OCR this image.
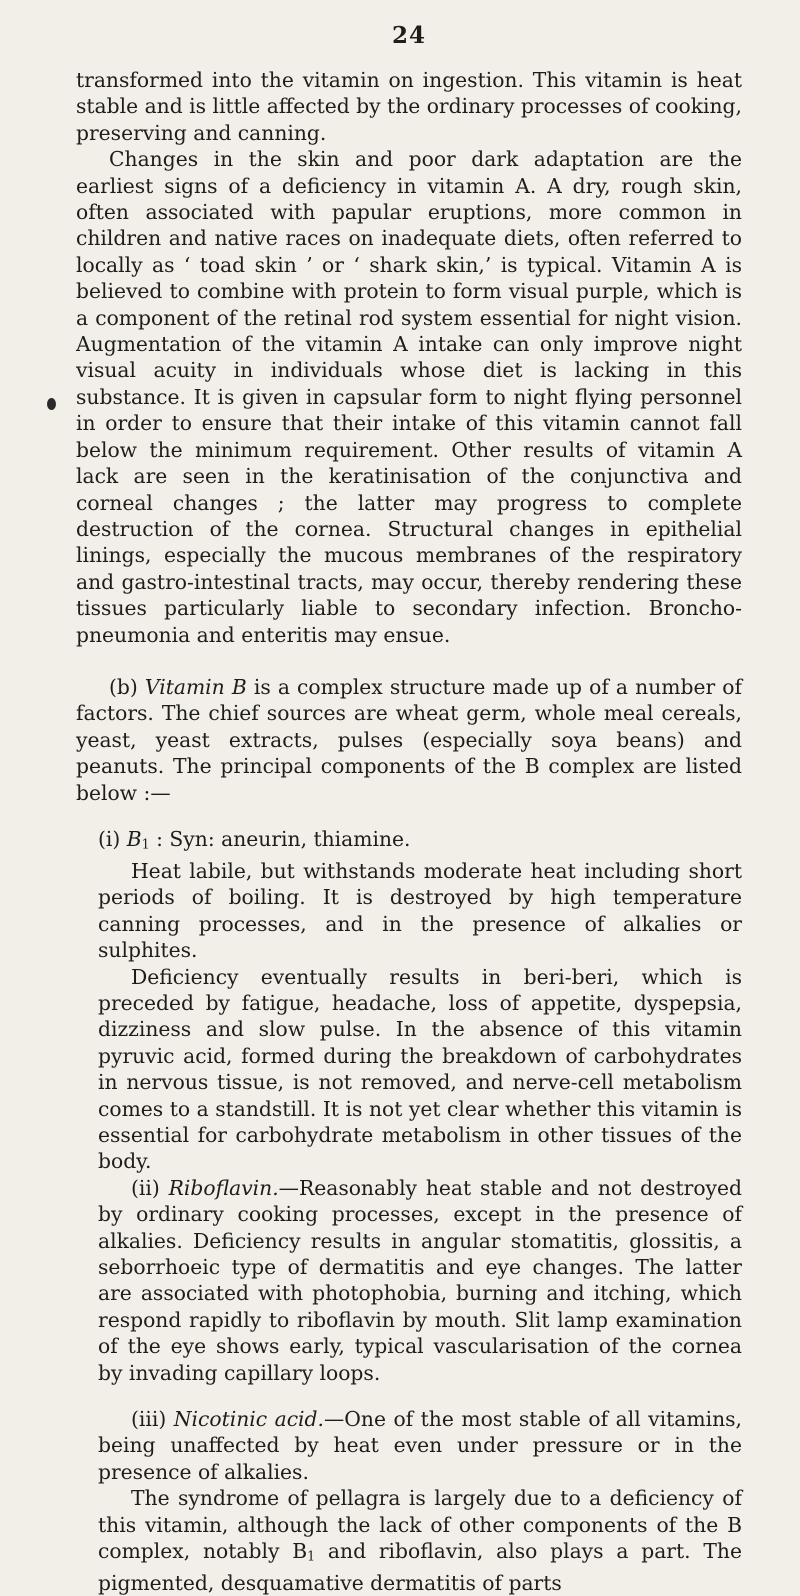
24

transformed into the vitamin on ingestion. This vitamin is heat stable and is little affected by the ordinary processes of cooking, preserving and canning.

Changes in the skin and poor dark adaptation are the earliest signs of a deficiency in vitamin A. A dry, rough skin, often associated with papular eruptions, more common in children and native races on inadequate diets, often referred to locally as ‘ toad skin ’ or ‘ shark skin,’ is typical. Vitamin A is believed to combine with protein to form visual purple, which is a component of the retinal rod system essential for night vision. Augmentation of the vitamin A intake can only improve night visual acuity in individuals whose diet is lacking in this substance. It is given in capsular form to night flying personnel in order to ensure that their intake of this vitamin cannot fall below the minimum requirement. Other results of vitamin A lack are seen in the keratinisation of the conjunctiva and corneal changes ; the latter may progress to complete destruction of the cornea. Structural changes in epithelial linings, especially the mucous membranes of the respiratory and gastro-intestinal tracts, may occur, thereby rendering these tissues particularly liable to secondary infection. Broncho-pneumonia and enteritis may ensue.

(b) Vitamin B is a complex structure made up of a number of factors. The chief sources are wheat germ, whole meal cereals, yeast, yeast extracts, pulses (especially soya beans) and peanuts. The principal components of the B complex are listed below :—

(i) B1 : Syn: aneurin, thiamine.

Heat labile, but withstands moderate heat including short periods of boiling. It is destroyed by high temperature canning processes, and in the presence of alkalies or sulphites.

Deficiency eventually results in beri-beri, which is preceded by fatigue, headache, loss of appetite, dyspepsia, dizziness and slow pulse. In the absence of this vitamin pyruvic acid, formed during the breakdown of carbohydrates in nervous tissue, is not removed, and nerve-cell metabolism comes to a standstill. It is not yet clear whether this vitamin is essential for carbohydrate metabolism in other tissues of the body.

(ii) Riboflavin.—Reasonably heat stable and not destroyed by ordinary cooking processes, except in the presence of alkalies. Deficiency results in angular stomatitis, glossitis, a seborrhoeic type of dermatitis and eye changes. The latter are associated with photophobia, burning and itching, which respond rapidly to riboflavin by mouth. Slit lamp examination of the eye shows early, typical vascularisation of the cornea by invading capillary loops.

(iii) Nicotinic acid.—One of the most stable of all vitamins, being unaffected by heat even under pressure or in the presence of alkalies.

The syndrome of pellagra is largely due to a deficiency of this vitamin, although the lack of other components of the B complex, notably B1 and riboflavin, also plays a part. The pigmented, desquamative dermatitis of parts
